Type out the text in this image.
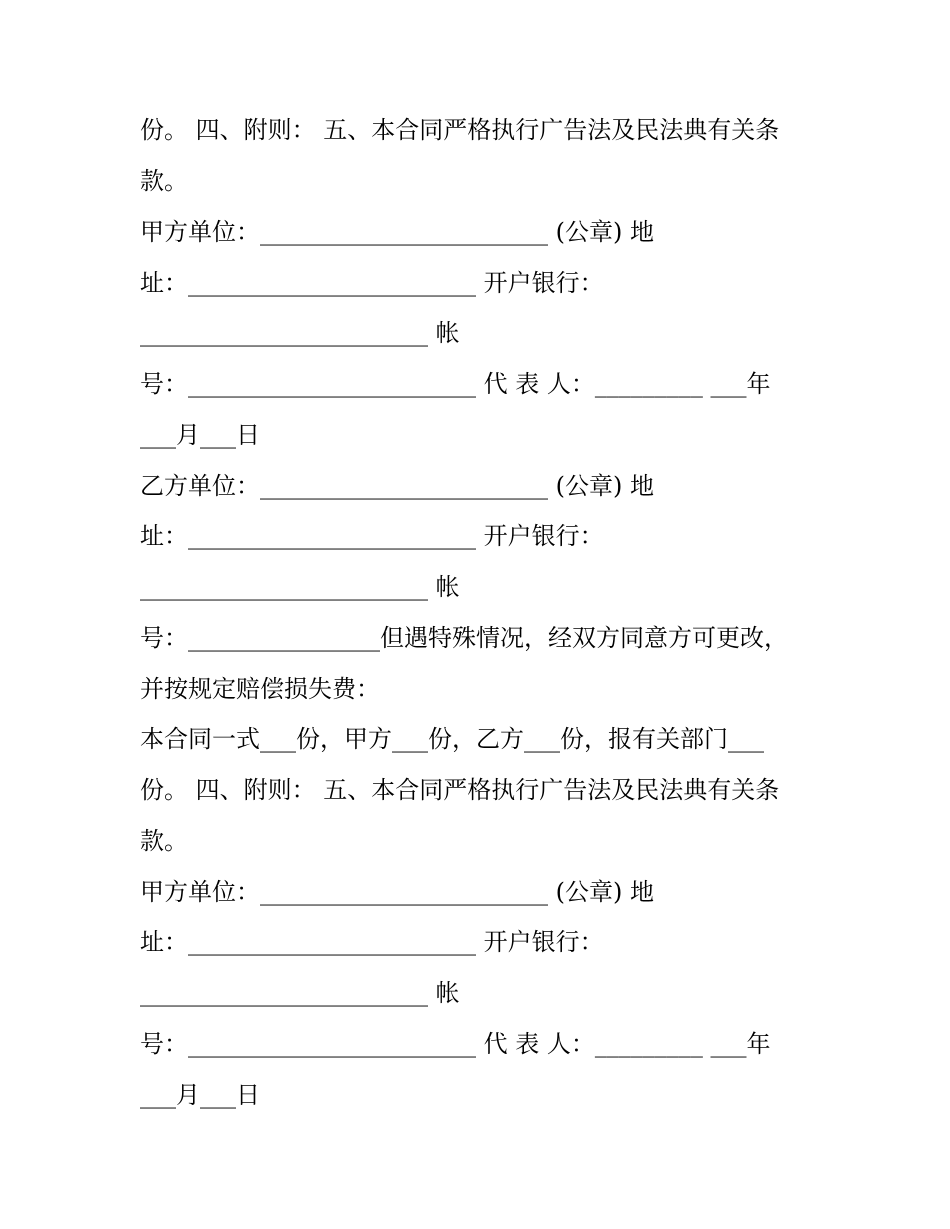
份。 四、附则： 五、本合同严格执行广告法及民法典有关条
款。
甲方单位：________________________ (公章) 地
址：________________________ 开户银行：
________________________ 帐
号：________________________ 代 表 人：_________ ___年
___月___日
乙方单位：________________________ (公章) 地
址：________________________ 开户银行：
________________________ 帐
号：________________但遇特殊情况，经双方同意方可更改，
并按规定赔偿损失费：
本合同一式___份，甲方___份，乙方___份，报有关部门___
份。 四、附则： 五、本合同严格执行广告法及民法典有关条
款。
甲方单位：________________________ (公章) 地
址：________________________ 开户银行：
________________________ 帐
号：________________________ 代 表 人：_________ ___年
___月___日
